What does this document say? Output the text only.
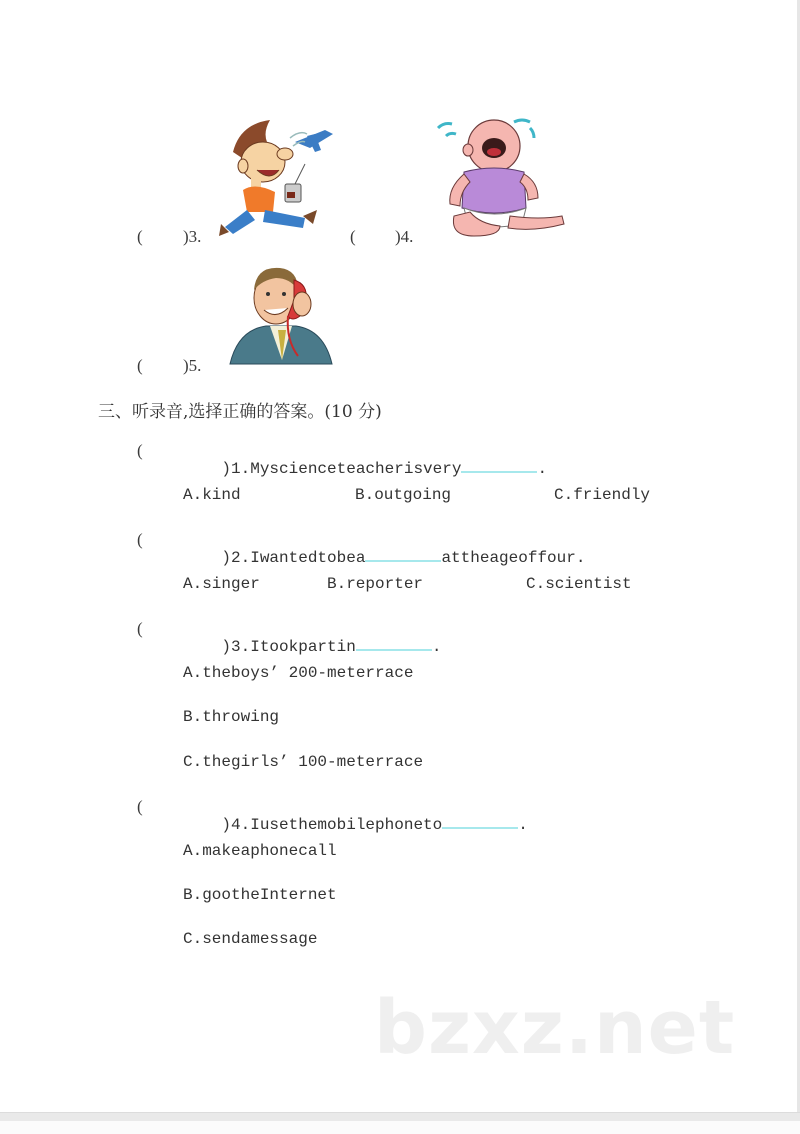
( )3.	( )4.
( )5.
三、听录音,选择正确的答案。(10 分)
(

)1.Myscienceteacherisvery	.

A.kind	B.outgoing	C.friendly
(

)2.Iwantedtobea	attheageoffour.

A.singer	B.reporter	C.scientist
(

)3.Itookpartin	.

A.theboys’ 200-meterrace
B.throwing
C.thegirls’ 100-meterrace
(

)4.Iusethemobilephoneto	.

A.makeaphonecall
B.gootheInternet
C.sendamessage
bzxz.net
